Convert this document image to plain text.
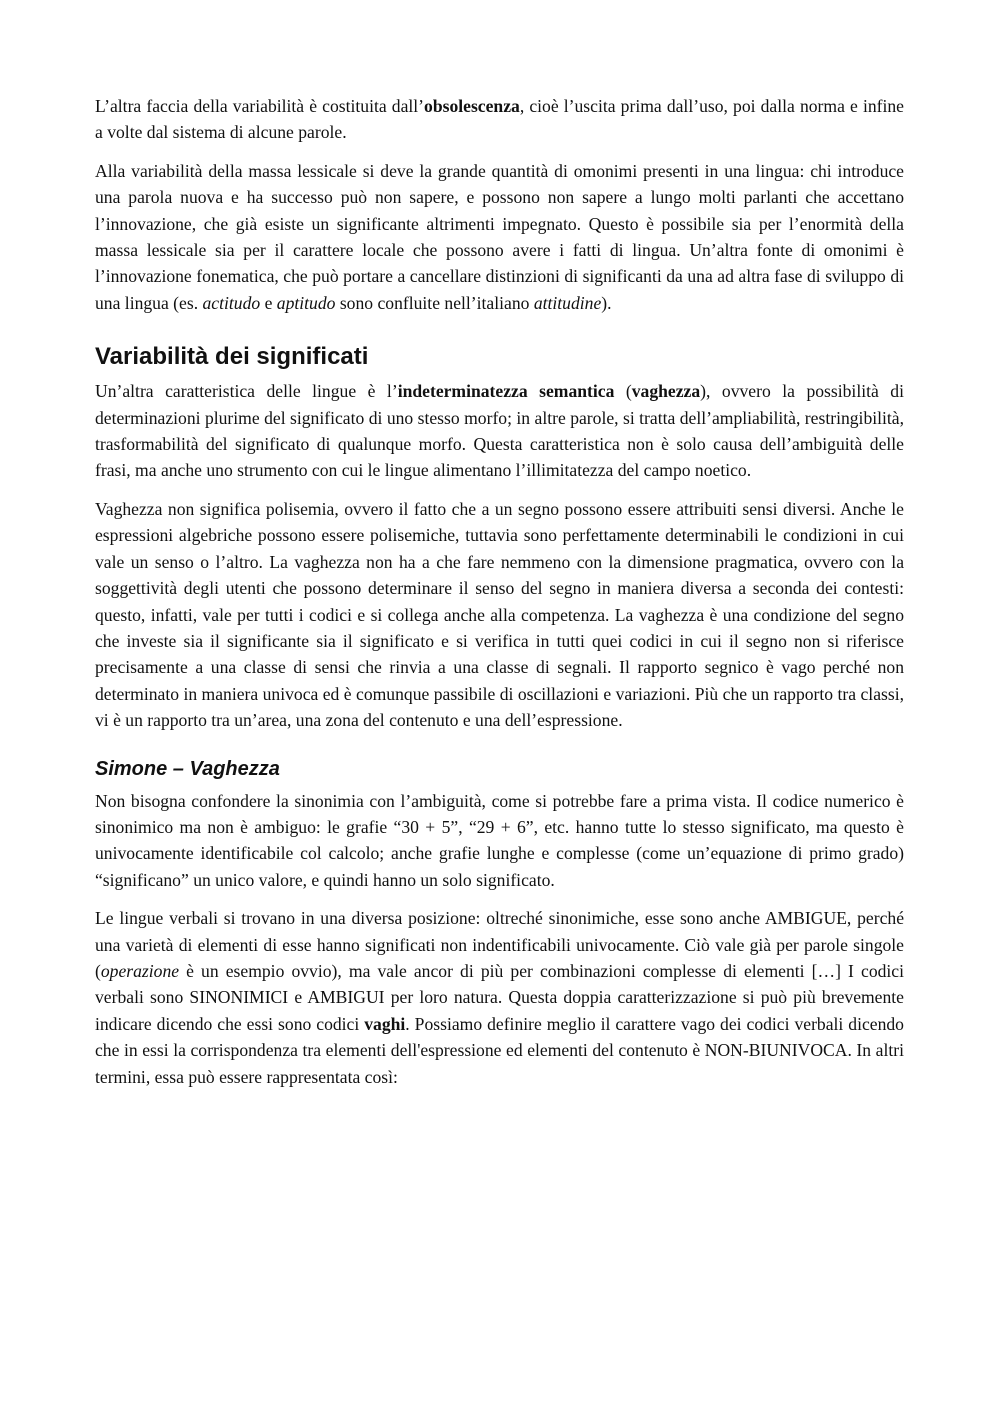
L’altra faccia della variabilità è costituita dall’obsolescenza, cioè l’uscita prima dall’uso, poi dalla norma e infine a volte dal sistema di alcune parole.

Alla variabilità della massa lessicale si deve la grande quantità di omonimi presenti in una lingua: chi introduce una parola nuova e ha successo può non sapere, e possono non sapere a lungo molti parlanti che accettano l’innovazione, che già esiste un significante altrimenti impegnato. Questo è possibile sia per l’enormità della massa lessicale sia per il carattere locale che possono avere i fatti di lingua. Un’altra fonte di omonimi è l’innovazione fonematica, che può portare a cancellare distinzioni di significanti da una ad altra fase di sviluppo di una lingua (es. actitudo e aptitudo sono confluite nell’italiano attitudine).

Variabilità dei significati

Un’altra caratteristica delle lingue è l’indeterminatezza semantica (vaghezza), ovvero la possibilità di determinazioni plurime del significato di uno stesso morfo; in altre parole, si tratta dell’ampliabilità, restringibilità, trasformabilità del significato di qualunque morfo. Questa caratteristica non è solo causa dell’ambiguità delle frasi, ma anche uno strumento con cui le lingue alimentano l’illimitatezza del campo noetico.

Vaghezza non significa polisemia, ovvero il fatto che a un segno possono essere attribuiti sensi diversi. Anche le espressioni algebriche possono essere polisemiche, tuttavia sono perfettamente determinabili le condizioni in cui vale un senso o l’altro. La vaghezza non ha a che fare nemmeno con la dimensione pragmatica, ovvero con la soggettività degli utenti che possono determinare il senso del segno in maniera diversa a seconda dei contesti: questo, infatti, vale per tutti i codici e si collega anche alla competenza. La vaghezza è una condizione del segno che investe sia il significante sia il significato e si verifica in tutti quei codici in cui il segno non si riferisce precisamente a una classe di sensi che rinvia a una classe di segnali. Il rapporto segnico è vago perché non determinato in maniera univoca ed è comunque passibile di oscillazioni e variazioni. Più che un rapporto tra classi, vi è un rapporto tra un’area, una zona del contenuto e una dell’espressione.

Simone – Vaghezza

Non bisogna confondere la sinonimia con l’ambiguità, come si potrebbe fare a prima vista. Il codice numerico è sinonimico ma non è ambiguo: le grafie “30 + 5”, “29 + 6”, etc. hanno tutte lo stesso significato, ma questo è univocamente identificabile col calcolo; anche grafie lunghe e complesse (come un’equazione di primo grado) “significano” un unico valore, e quindi hanno un solo significato.

Le lingue verbali si trovano in una diversa posizione: oltreché sinonimiche, esse sono anche AMBIGUE, perché una varietà di elementi di esse hanno significati non indentificabili univocamente. Ciò vale già per parole singole (operazione è un esempio ovvio), ma vale ancor di più per combinazioni complesse di elementi […] I codici verbali sono SINONIMICI e AMBIGUI per loro natura. Questa doppia caratterizzazione si può più brevemente indicare dicendo che essi sono codici vaghi. Possiamo definire meglio il carattere vago dei codici verbali dicendo che in essi la corrispondenza tra elementi dell'espressione ed elementi del contenuto è NON-BIUNIVOCA. In altri termini, essa può essere rappresentata così:
